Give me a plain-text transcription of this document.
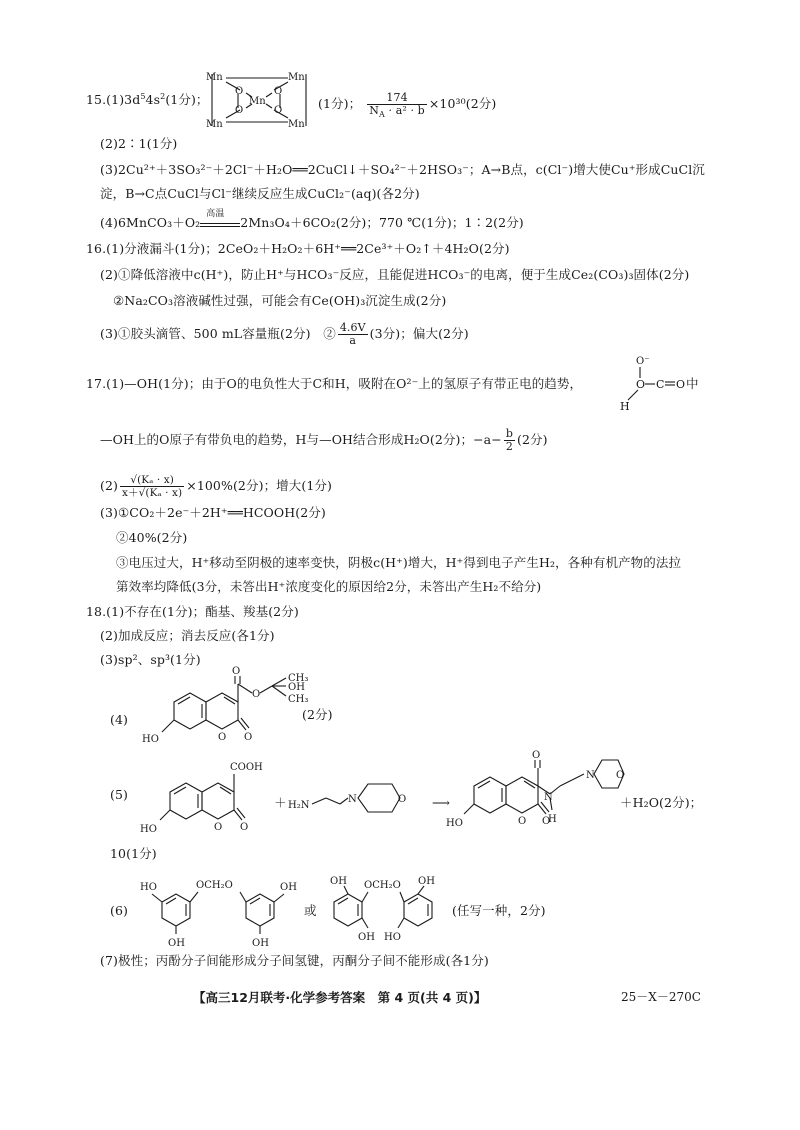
$15.(1)3d^54s^2(1$分)；
Mn	Mn
Mn	Mn
Mn
O	O
O	O	(1分)； $\frac{174}{N_A \cdot a^2 \cdot b} \times 10^{30}(2$分)
(2)2∶1(1分)
(3)2Cu²⁺＋3SO₃²⁻＋2Cl⁻＋H₂O══2CuCl↓＋SO₄²⁻＋2HSO₃⁻；A→B点，c(Cl⁻)增大使Cu⁺形成CuCl沉
淀，B→C点CuCl与Cl⁻继续反应生成CuCl₂⁻(aq)(各2分)
(4)6MnCO₃＋O₂
高温
2Mn₃O₄＋6CO₂(2分)；770 ℃(1分)；1∶2(2分)
16.(1)分液漏斗(1分)；2CeO₂＋H₂O₂＋6H⁺══2Ce³⁺＋O₂↑＋4H₂O(2分)
(2)①降低溶液中c(H⁺)，防止H⁺与HCO₃⁻反应，且能促进HCO₃⁻的电离，便于生成Ce₂(CO₃)₃固体(2分)
②Na₂CO₃溶液碱性过强，可能会有Ce(OH)₃沉淀生成(2分)
(3)①胶头滴管、500 mL容量瓶(2分)　② $\frac{4.6V}{a} (3$分)；偏大(2分)
17.(1)—OH(1分)；由于O的电负性大于C和H，吸附在O²⁻上的氢原子有带正电的趋势，
O⁻
O C O
H
中
—OH上的O原子有带负电的趋势，H与—OH结合形成H₂O(2分)；$-a- \frac{b}{2} (2$分)
$(2) \frac{\text{√(Kₐ · x)}}{\text{x＋√(Kₐ · x)}} \times 100\%(2$分)；增大(1分)
(3)①CO₂＋2e⁻＋2H⁺══HCOOH(2分)
②40%(2分)
③电压过大，H⁺移动至阴极的速率变快，阴极c(H⁺)增大，H⁺得到电子产生H₂，各种有机产物的法拉
第效率均降低(3分，未答出H⁺浓度变化的原因给2分，未答出产生H₂不给分)
18.(1)不存在(1分)；酯基、羧基(2分)
(2)加成反应；消去反应(各1分)
(3)sp²、sp³(1分)
(4)
O
O
CH₃
OH
CH₃
O O
HO
(2分)
(5)
COOH
O O
HO
＋ H₂N
N	O ⟶
O
N
N O
H
O O
HO
＋H₂O(2分)；
10(1分)
(6)
HO	OCH₂O	OH
OH	OH
或
OH OCH₂O OH
OH HO
(任写一种，2分)
(7)极性；丙酚分子间能形成分子间氢键，丙酮分子间不能形成(各1分)
【高三12月联考·化学参考答案　第 4 页(共 4 页)】	25－X－270C
